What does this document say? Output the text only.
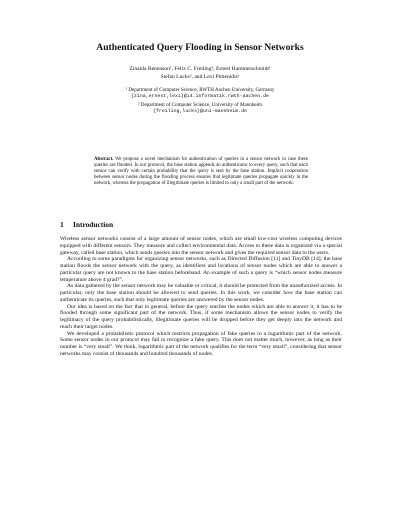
Authenticated Query Flooding in Sensor Networks
Zinaida Benenson¹, Felix C. Freiling², Ernest Hammerschmidt¹
Stefan Lucks², and Lexi Pimenidis¹
¹ Department of Computer Science, RWTH Aachen University, Germany
{zina,ernest,lexi}@i4.informatik.rwth-aachen.de
² Department of Computer Science, University of Mannheim
{freiling,lucks}@uni-mannheim.de
Abstract. We propose a novel mechanism for authentication of queries in a sensor network in case these queries are flooded. In our protocol, the base station appends an authenticator to every query, such that each sensor can verify with certain probability that the query is sent by the base station. Implicit cooperation between sensor nodes during the flooding process ensures that legitimate queries propagate quickly in the network, whereas the propagation of illegitimate queries is limited to only a small part of the network.
1 Introduction

Wireless sensor networks consist of a large amount of sensor nodes, which are small low-cost wireless computing devices equipped with different sensors. They measure and collect environmental data. Access to these data is organized via a special gateway, called base station, which sends queries into the sensor network and gives the required sensor data to the users.

According to some paradigms for organizing sensor networks, such as Directed Diffusion [11] and TinyDB [14], the base station floods the sensor network with the query, as identifiers and locations of sensor nodes which are able to answer a particular query are not known to the base station beforehand. An example of such a query is “which sensor nodes measure temperature above 4 grad?”.

As data gathered by the sensor network may be valuable or critical, it should be protected from the unauthorized access. In particular, only the base station should be allowed to send queries. In this work, we consider how the base station can authenticate its queries, such that only legitimate queries are answered by the sensor nodes.

Our idea is based on the fact that in general, before the query reaches the nodes which are able to answer it, it has to be flooded through some significant part of the network. Thus, if some mechanism allows the sensor nodes to verify the legitimacy of the query probabilistically, illegitimate queries will be dropped before they get deeply into the network and reach their target nodes.

We developed a probabilistic protocol which restricts propagation of fake queries to a logarithmic part of the network. Some sensor nodes in our protocol may fail to recognize a fake query. This does not matter much, however, as long as their number is “very small”. We think, logarithmic part of the network qualifies for the term “very small”, considering that sensor networks may consist of thousands and hundred thousands of nodes.
